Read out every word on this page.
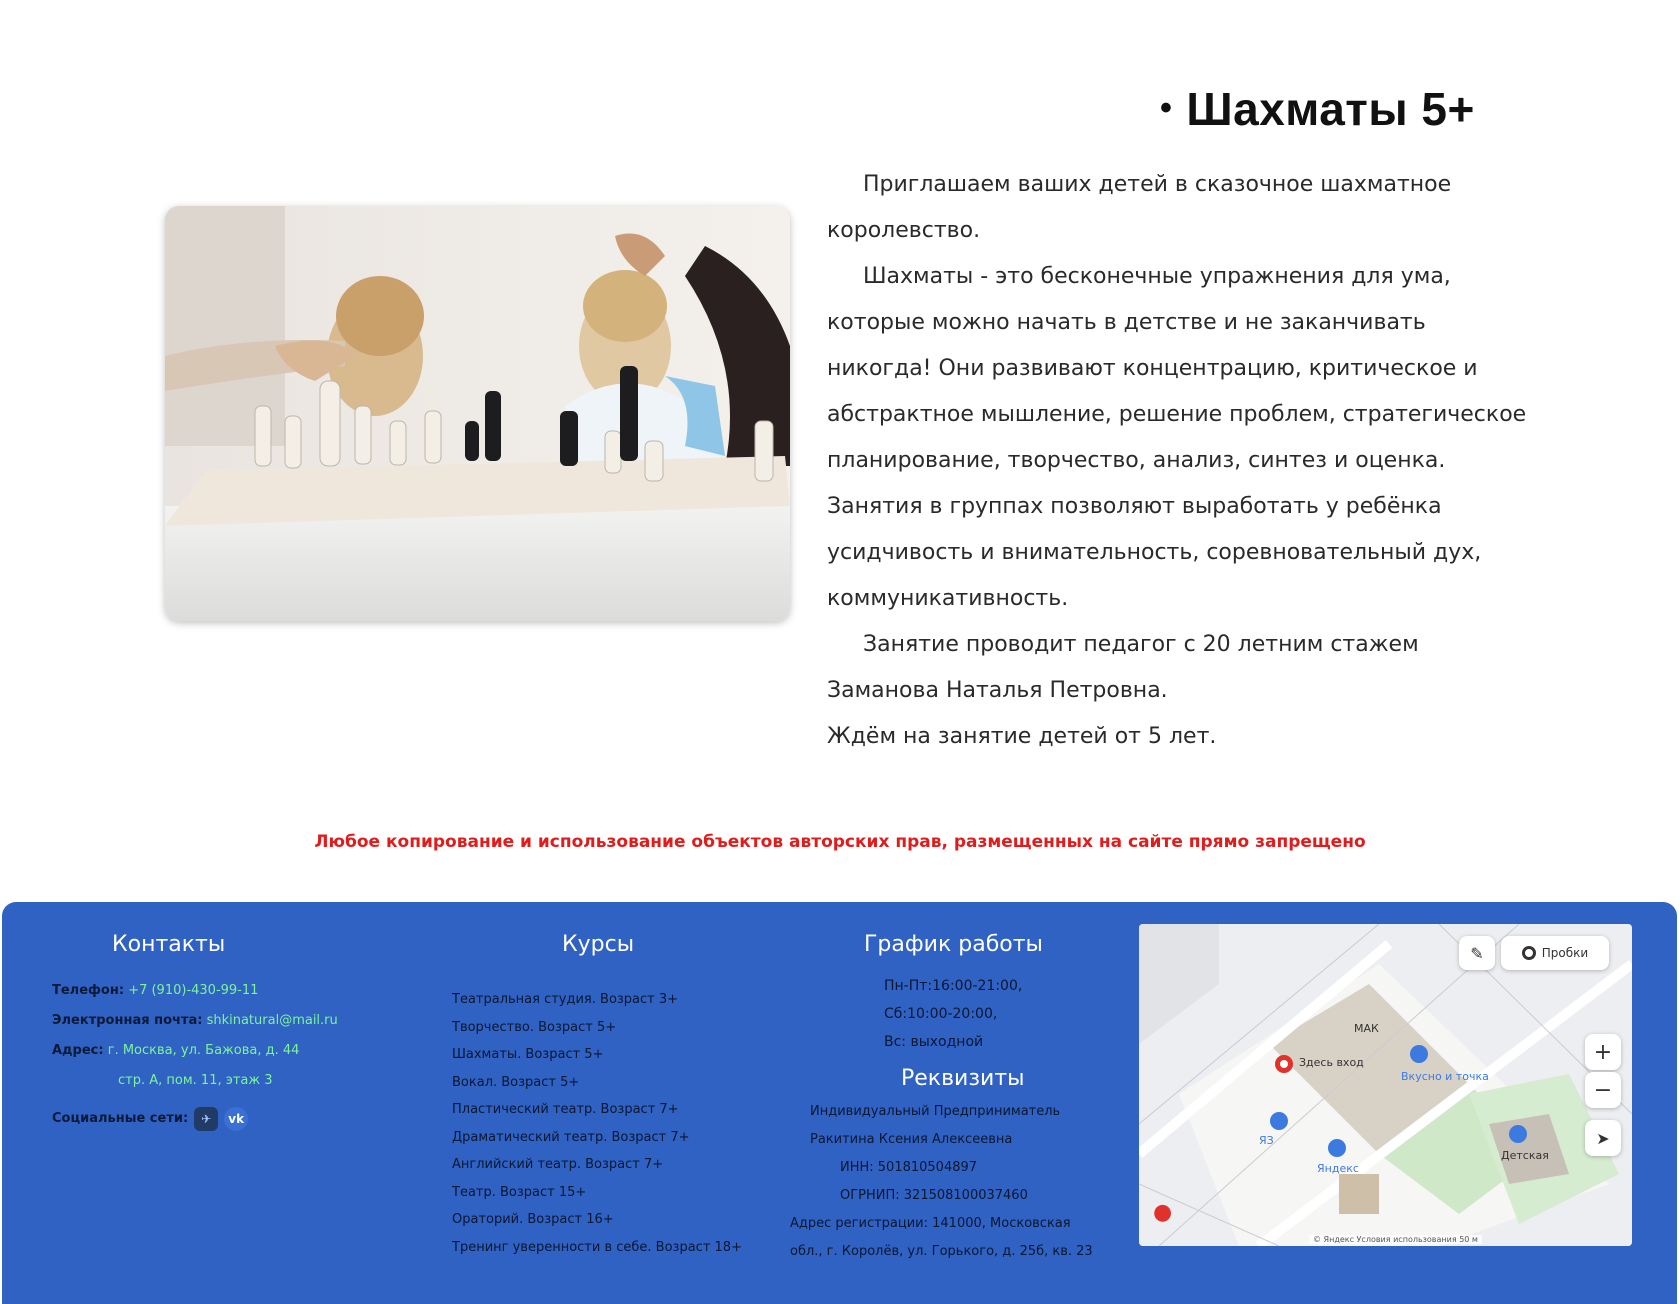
• Шахматы 5+

Приглашаем ваших детей в сказочное шахматное королевство.

Шахматы - это бесконечные упражнения для ума, которые можно начать в детстве и не заканчивать никогда! Они развивают концентрацию, критическое и абстрактное мышление, решение проблем, стратегическое планирование, творчество, анализ, синтез и оценка. Занятия в группах позволяют выработать у ребёнка усидчивость и внимательность, соревновательный дух, коммуникативность.

Занятие проводит педагог с 20 летним стажем Заманова Наталья Петровна.

Ждём на занятие детей от 5 лет.

Любое копирование и использование объектов авторских прав, размещенных на сайте прямо запрещено
Контакты
Телефон: +7 (910)-430-99-11
Электронная почта: shkinatural@mail.ru
Адрес: г. Москва, ул. Бажова, д. 44
стр. А, пом. 11, этаж 3
Социальные сети:	✈	vk
Курсы
Театральная студия. Возраст 3+
Творчество. Возраст 5+
Шахматы. Возраст 5+
Вокал. Возраст 5+
Пластический театр. Возраст 7+
Драматический театр. Возраст 7+
Английский театр. Возраст 7+
Театр. Возраст 15+
Ораторий. Возраст 16+
Тренинг уверенности в себе. Возраст 18+
График работы
Пн-Пт:16:00-21:00,
Сб:10:00-20:00,
Вс: выходной
Реквизиты
Индивидуальный Предприниматель
Ракитина Ксения Алексеевна
ИНН: 501810504897
ОГРНИП: 321508100037460
Адрес регистрации: 141000, Московская
обл., г. Королёв, ул. Горького, д. 25б, кв. 23
Здесь вход
МАК
Вкусно и точка
ЯЗ
Яндекс
Детская
✎	Пробки
+
−
➤
●
© Яндекс Условия использования 50 м
